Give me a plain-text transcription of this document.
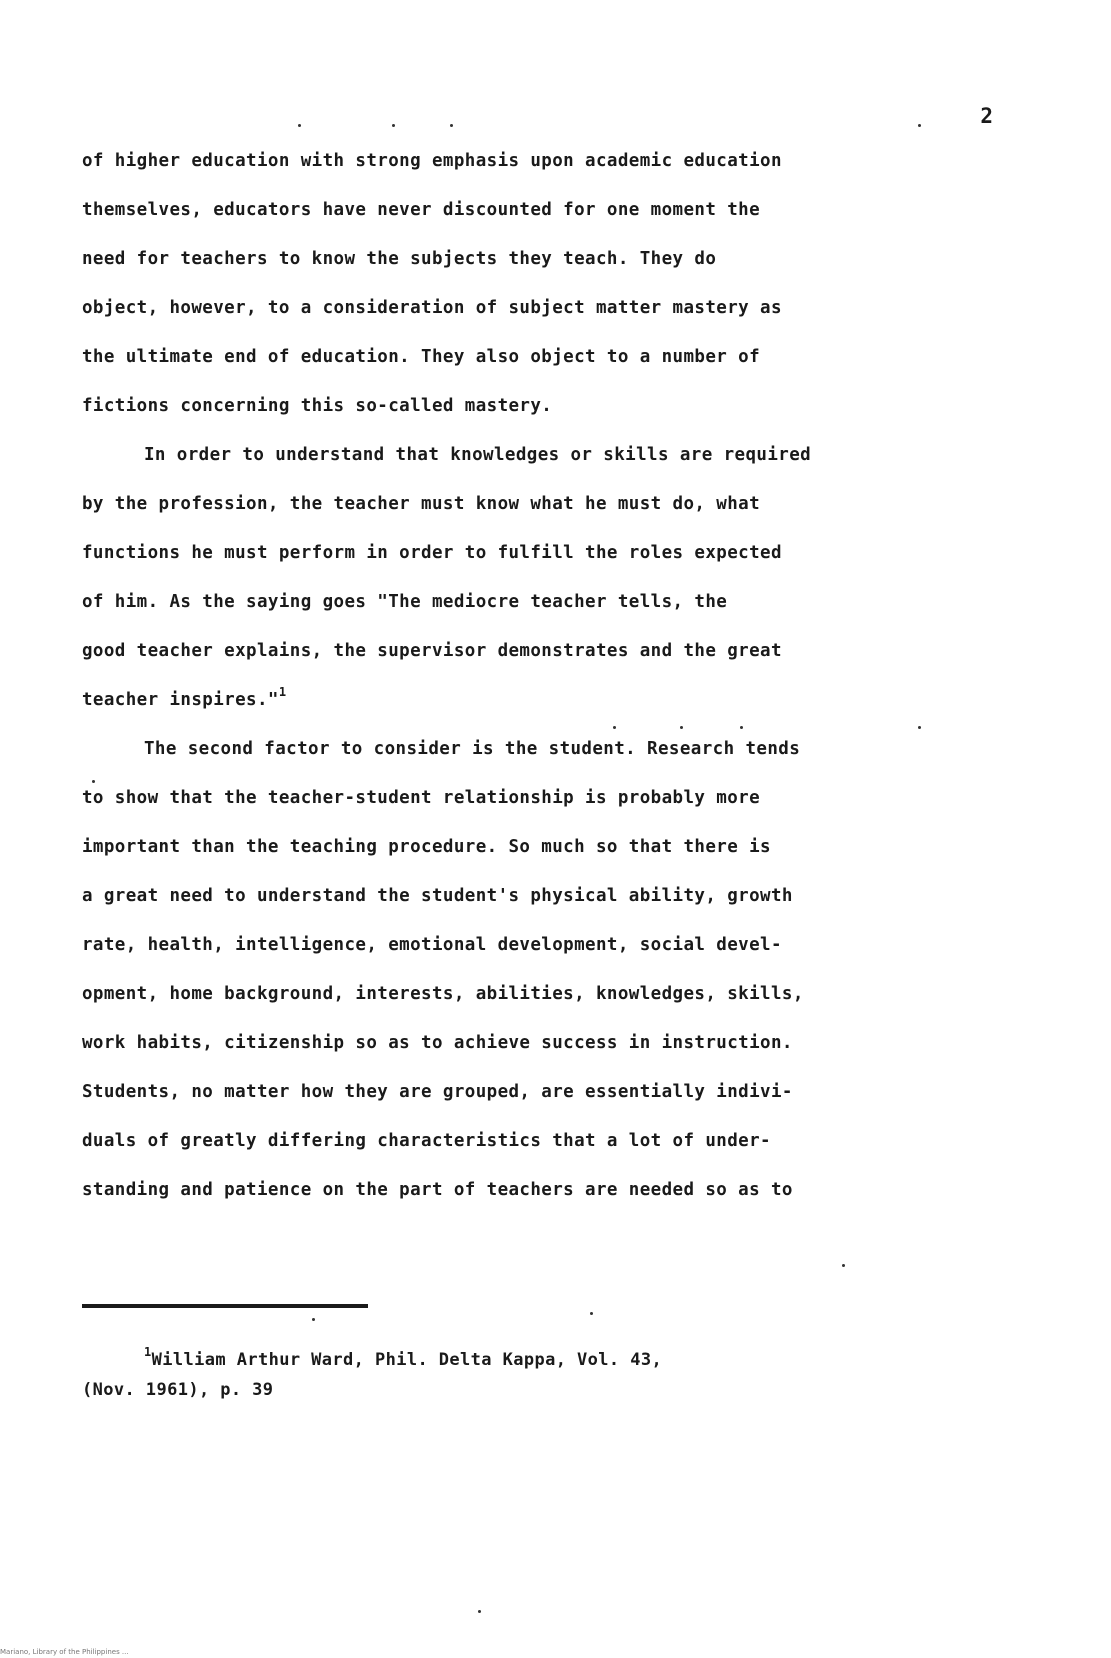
2
of higher education with strong emphasis upon academic education
themselves, educators have never discounted for one moment the
need for teachers to know the subjects they teach. They do
object, however, to a consideration of subject matter mastery as
the ultimate end of education. They also object to a number of
fictions concerning this so-called mastery.
In order to understand that knowledges or skills are required
by the profession, the teacher must know what he must do, what
functions he must perform in order to fulfill the roles expected
of him. As the saying goes "The mediocre teacher tells, the
good teacher explains, the supervisor demonstrates and the great
teacher inspires."$^1$
The second factor to consider is the student. Research tends
to show that the teacher-student relationship is probably more
important than the teaching procedure. So much so that there is
a great need to understand the student's physical ability, growth
rate, health, intelligence, emotional development, social devel-
opment, home background, interests, abilities, knowledges, skills,
work habits, citizenship so as to achieve success in instruction.
Students, no matter how they are grouped, are essentially indivi-
duals of greatly differing characteristics that a lot of under-
standing and patience on the part of teachers are needed so as to
$^1$William Arthur Ward, Phil. Delta Kappa, Vol. 43,
(Nov. 1961), p. 39
Mariano, Library of the Philippines ...
